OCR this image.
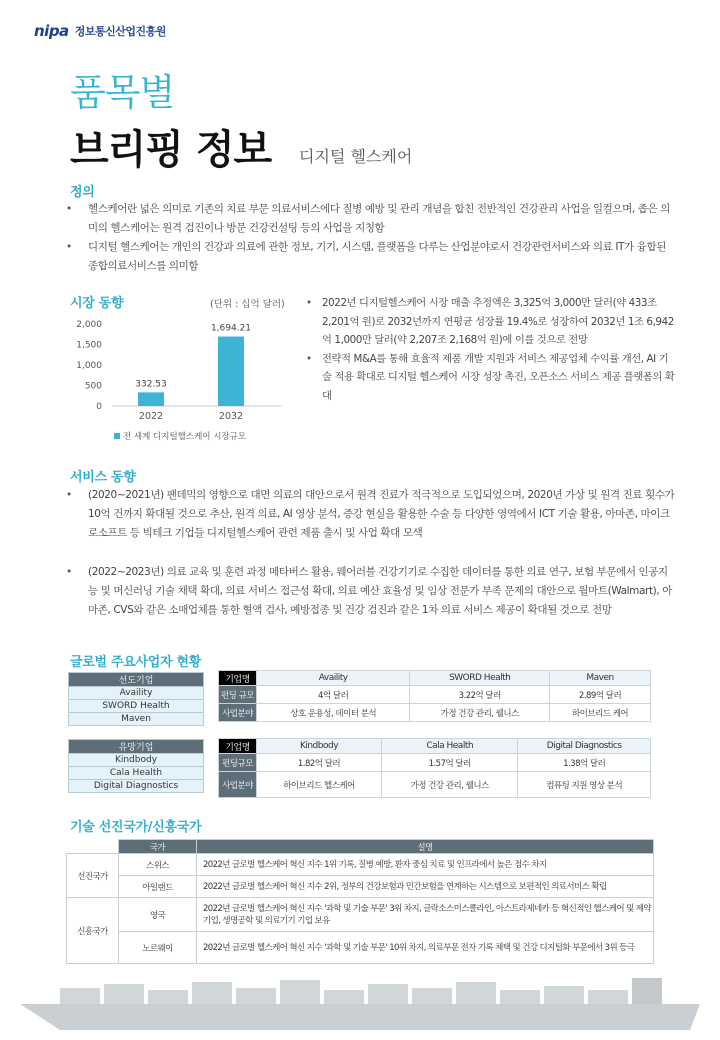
nipa 정보통신산업진흥원
품목별
브리핑 정보 디지털 헬스케어
정의
• 헬스케어란 넓은 의미로 기존의 치료 부문 의료서비스에다 질병 예방 및 관리 개념을 합친 전반적인 건강관리 사업을 일컬으며, 좁은 의미의 헬스케어는 원격 검진이나 방문 건강컨설팅 등의 사업을 지칭함
• 디지털 헬스케어는 개인의 건강과 의료에 관한 정보, 기기, 시스템, 플랫폼을 다루는 산업분야로서 건강관련서비스와 의료 IT가 융합된 종합의료서비스를 의미함
시장 동향	(단위 : 십억 달러)
0
500
1,000
1,500
2,000
332.53
2022
1,694.21
2032
전 세계 디지털헬스케어 시장규모
• 2022년 디지털헬스케어 시장 매출 추정액은 3,325억 3,000만 달러(약 433조 2,201억 원)로 2032년까지 연평균 성장률 19.4%로 성장하여 2032년 1조 6,942억 1,000만 달러(약 2,207조 2,168억 원)에 이를 것으로 전망
• 전략적 M&A를 통해 효율적 제품 개발 지원과 서비스 제공업체 수익률 개선, AI 기술 적용 확대로 디지털 헬스케어 시장 성장 촉진, 오픈소스 서비스 제공 플랫폼의 확대
서비스 동향
• (2020~2021년) 팬데믹의 영향으로 대면 의료의 대안으로서 원격 진료가 적극적으로 도입되었으며, 2020년 가상 및 원격 진료 횟수가 10억 건까지 확대될 것으로 추산, 원격 의료, AI 영상 분석, 증강 현실을 활용한 수술 등 다양한 영역에서 ICT 기술 활용, 아마존, 마이크로소프트 등 빅테크 기업들 디지털헬스케어 관련 제품 출시 및 사업 확대 모색
• (2022~2023년) 의료 교육 및 훈련 과정 메타버스 활용, 웨어러블 건강기기로 수집한 데이터를 통한 의료 연구, 보험 부문에서 인공지능 및 머신러닝 기술 채택 확대, 의료 서비스 접근성 확대, 의료 예산 효율성 및 임상 전문가 부족 문제의 대안으로 월마트(Walmart), 아마존, CVS와 같은 소매업체를 통한 혈액 검사, 예방접종 및 건강 검진과 같은 1차 의료 서비스 제공이 확대될 것으로 전망
글로벌 주요사업자 현황
선도기업
Availity
SWORD Health
Maven
유망기업
Kindbody
Cala Health
Digital Diagnostics
기업명	Availity	SWORD Health	Maven
펀딩 규모	4억 달러	3.22억 달러	2.89억 달러
사업분야	상호 운용성, 데이터 분석	가정 건강 관리, 웰니스	하이브리드 케어
기업명	Kindbody	Cala Health	Digital Diagnostics
펀딩규모	1.82억 달러	1.57억 달러	1.38억 달러
사업분야	하이브리드 헬스케어	가정 건강 관리, 웰니스	컴퓨팅 지원 영상 분석
기술 선진국가/신흥국가
	국가	설명
선진국가	스위스	2022년 글로벌 헬스케어 혁신 지수 1위 기록, 질병 예방, 환자 중심 치료 및 인프라에서 높은 점수 차지
	아일랜드	2022년 글로벌 헬스케어 혁신 지수 2위, 정부의 건강보험과 민간보험을 연계하는 시스템으로 보편적인 의료서비스 확립
신흥국가	영국	2022년 글로벌 헬스케어 혁신 지수 '과학 및 기술 부문' 3위 차지, 글락소스미스클라인, 아스트라제네카 등 혁신적인 헬스케어 및 제약 기업, 생명공학 및 의료기기 기업 보유
	노르웨이	2022년 글로벌 헬스케어 혁신 지수 '과학 및 기술 부문' 10위 차지, 의료부문 전자 기록 채택 및 건강 디지털화 부문에서 3위 등극
